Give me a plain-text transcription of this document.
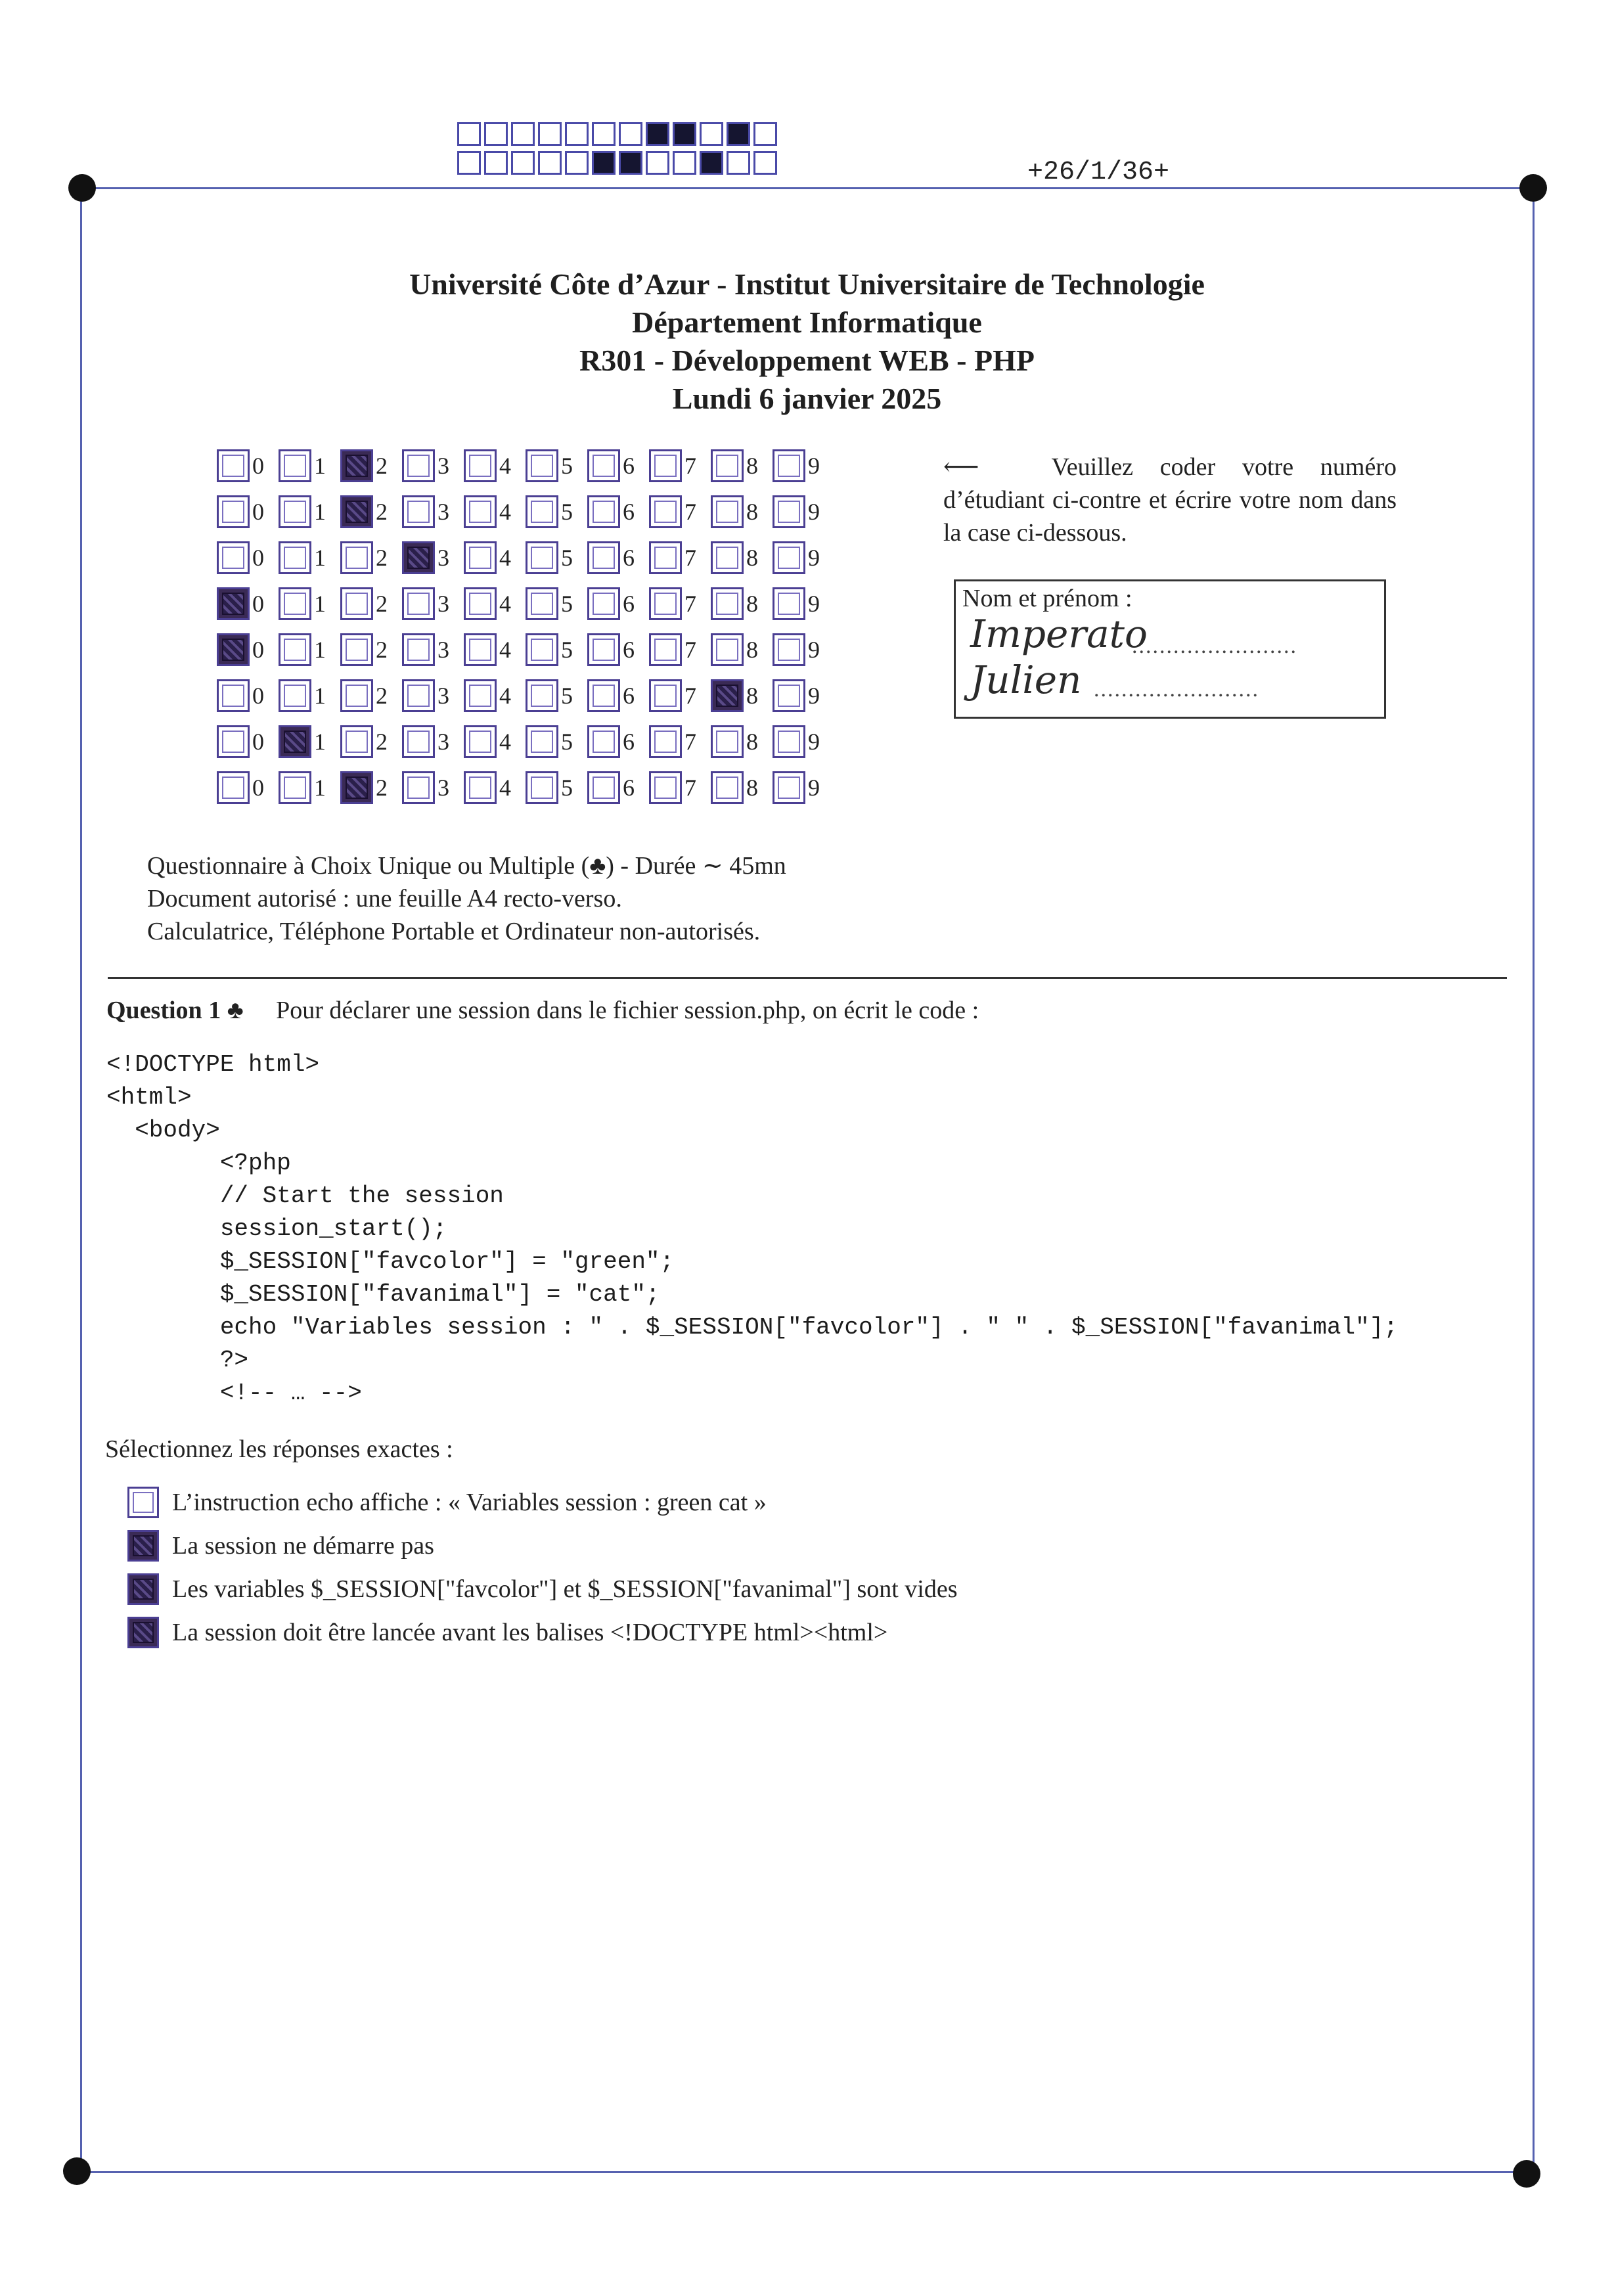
+26/1/36+
Université Côte d’Azur - Institut Universitaire de Technologie
Département Informatique
R301 - Développement WEB - PHP
Lundi 6 janvier 2025
0 1 2 3 4 5 6 7 8 9
0 1 2 3 4 5 6 7 8 9
0 1 2 3 4 5 6 7 8 9
0 1 2 3 4 5 6 7 8 9
0 1 2 3 4 5 6 7 8 9
0 1 2 3 4 5 6 7 8 9
0 1 2 3 4 5 6 7 8 9
0 1 2 3 4 5 6 7 8 9
⟵	Veuillez coder votre numéro d’étudiant ci-contre et écrire votre nom dans la case ci-dessous.
Nom et prénom :
Imperato
........................
Julien ........................
Questionnaire à Choix Unique ou Multiple (♣) - Durée ∼ 45mn
Document autorisé : une feuille A4 recto-verso.
Calculatrice, Téléphone Portable et Ordinateur non-autorisés.
Question 1 ♣ Pour déclarer une session dans le fichier session.php, on écrit le code :
<!DOCTYPE html>
<html>
<body>
<?php
// Start the session
session_start();
$_SESSION["favcolor"] = "green";
$_SESSION["favanimal"] = "cat";
echo "Variables session : " . $_SESSION["favcolor"] . " " . $_SESSION["favanimal"];
?>
<!-- … -->
Sélectionnez les réponses exactes :
L’instruction echo affiche : « Variables session : green cat »
La session ne démarre pas
Les variables $_SESSION["favcolor"] et $_SESSION["favanimal"] sont vides
La session doit être lancée avant les balises <!DOCTYPE html><html>
